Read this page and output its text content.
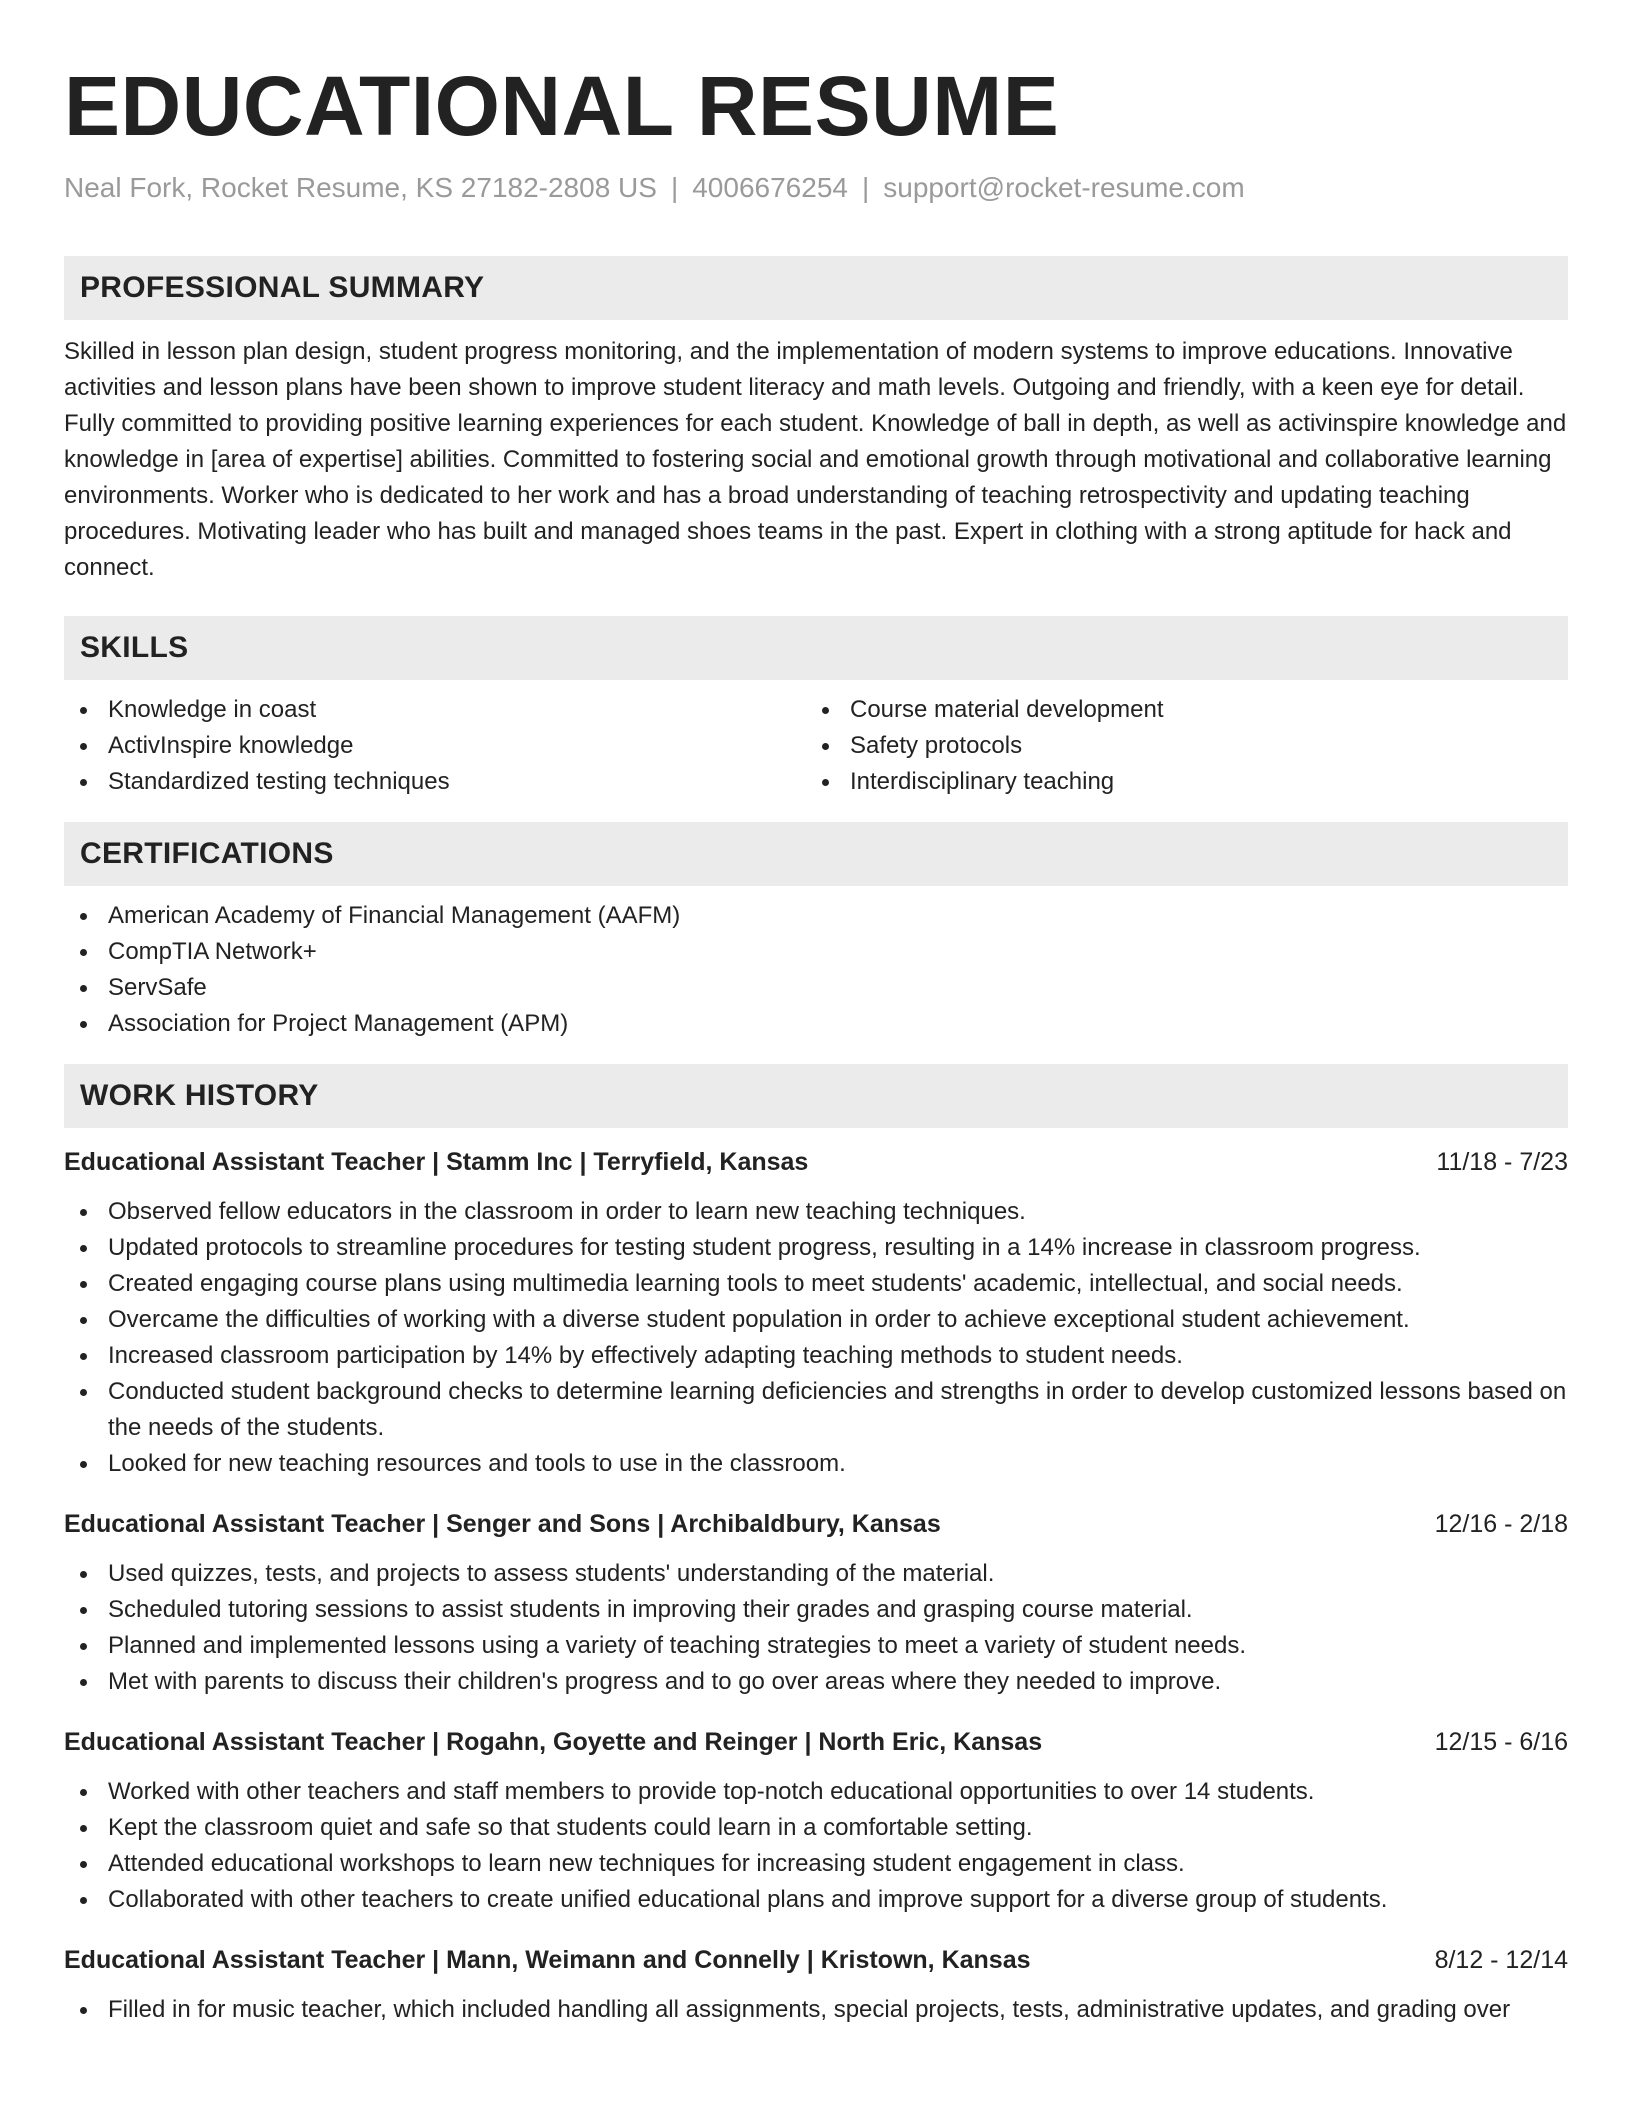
EDUCATIONAL RESUME
Neal Fork, Rocket Resume, KS 27182-2808 US | 4006676254 | support@rocket-resume.com
PROFESSIONAL SUMMARY
Skilled in lesson plan design, student progress monitoring, and the implementation of modern systems to improve educations. Innovative activities and lesson plans have been shown to improve student literacy and math levels. Outgoing and friendly, with a keen eye for detail. Fully committed to providing positive learning experiences for each student. Knowledge of ball in depth, as well as activinspire knowledge and knowledge in [area of expertise] abilities. Committed to fostering social and emotional growth through motivational and collaborative learning environments. Worker who is dedicated to her work and has a broad understanding of teaching retrospectivity and updating teaching procedures. Motivating leader who has built and managed shoes teams in the past. Expert in clothing with a strong aptitude for hack and connect.
SKILLS
Knowledge in coast
ActivInspire knowledge
Standardized testing techniques
Course material development
Safety protocols
Interdisciplinary teaching
CERTIFICATIONS
American Academy of Financial Management (AAFM)
CompTIA Network+
ServSafe
Association for Project Management (APM)
WORK HISTORY
Educational Assistant Teacher | Stamm Inc | Terryfield, Kansas	11/18 - 7/23
Observed fellow educators in the classroom in order to learn new teaching techniques.
Updated protocols to streamline procedures for testing student progress, resulting in a 14% increase in classroom progress.
Created engaging course plans using multimedia learning tools to meet students' academic, intellectual, and social needs.
Overcame the difficulties of working with a diverse student population in order to achieve exceptional student achievement.
Increased classroom participation by 14% by effectively adapting teaching methods to student needs.
Conducted student background checks to determine learning deficiencies and strengths in order to develop customized lessons based on the needs of the students.
Looked for new teaching resources and tools to use in the classroom.
Educational Assistant Teacher | Senger and Sons | Archibaldbury, Kansas	12/16 - 2/18
Used quizzes, tests, and projects to assess students' understanding of the material.
Scheduled tutoring sessions to assist students in improving their grades and grasping course material.
Planned and implemented lessons using a variety of teaching strategies to meet a variety of student needs.
Met with parents to discuss their children's progress and to go over areas where they needed to improve.
Educational Assistant Teacher | Rogahn, Goyette and Reinger | North Eric, Kansas	12/15 - 6/16
Worked with other teachers and staff members to provide top-notch educational opportunities to over 14 students.
Kept the classroom quiet and safe so that students could learn in a comfortable setting.
Attended educational workshops to learn new techniques for increasing student engagement in class.
Collaborated with other teachers to create unified educational plans and improve support for a diverse group of students.
Educational Assistant Teacher | Mann, Weimann and Connelly | Kristown, Kansas	8/12 - 12/14
Filled in for music teacher, which included handling all assignments, special projects, tests, administrative updates, and grading over
